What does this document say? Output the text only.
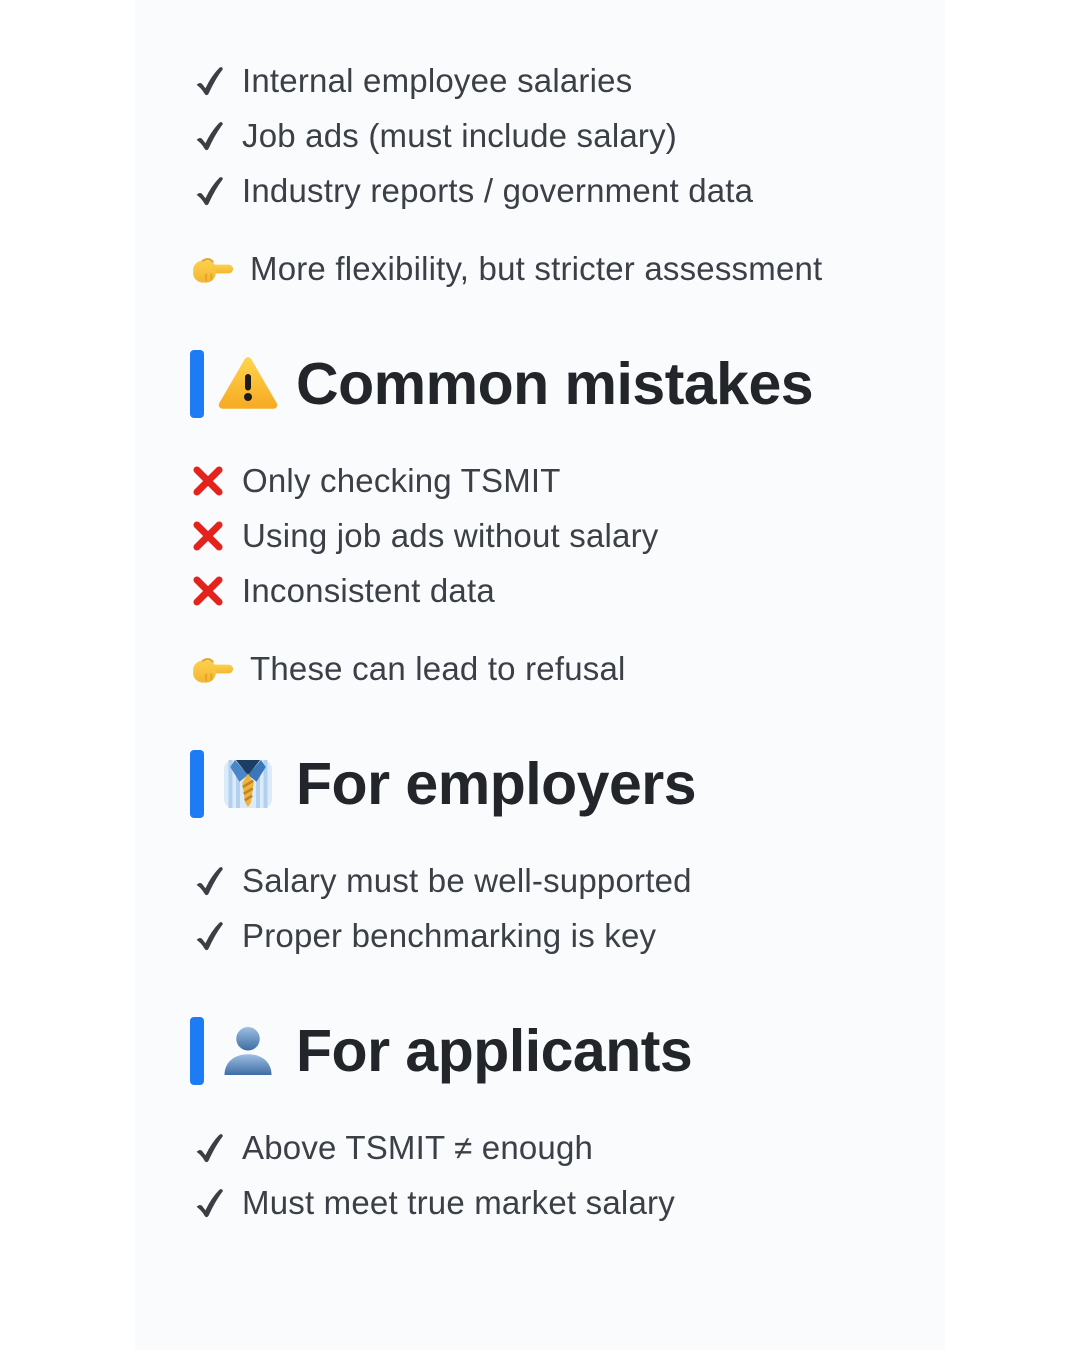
Internal employee salaries
Job ads (must include salary)
Industry reports / government data
More flexibility, but stricter assessment
Common mistakes
Only checking TSMIT
Using job ads without salary
Inconsistent data
These can lead to refusal
For employers
Salary must be well-supported
Proper benchmarking is key
For applicants
Above TSMIT ≠ enough
Must meet true market salary
